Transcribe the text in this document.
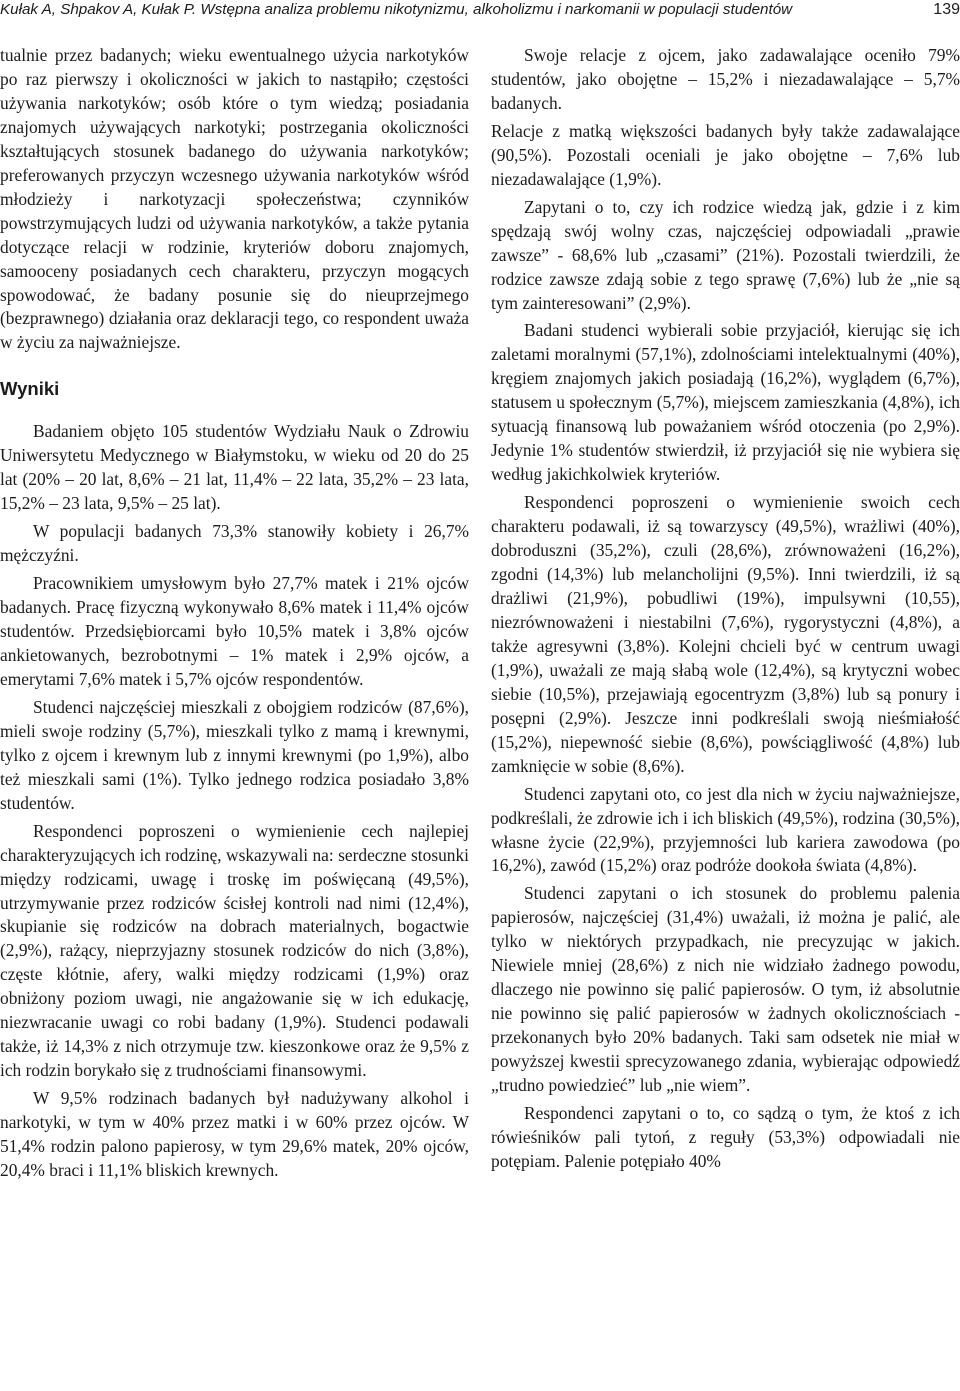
Kułak A, Shpakov A, Kułak P. Wstępna analiza problemu nikotynizmu, alkoholizmu i narkomanii w populacji studentów	139

tualnie przez badanych; wieku ewentualnego użycia narkotyków po raz pierwszy i okoliczności w jakich to nastąpiło; częstości używania narkotyków; osób które o tym wiedzą; posiadania znajomych używających narkotyki; postrzegania okoliczności kształtujących stosunek badanego do używania narkotyków; preferowanych przyczyn wczesnego używania narkotyków wśród młodzieży i narkotyzacji społeczeństwa; czynników powstrzymujących ludzi od używania narkotyków, a także pytania dotyczące relacji w rodzinie, kryteriów doboru znajomych, samooceny posiadanych cech charakteru, przyczyn mogących spowodować, że badany posunie się do nieuprzejmego (bezprawnego) działania oraz deklaracji tego, co respondent uważa w życiu za najważniejsze.

Wyniki

Badaniem objęto 105 studentów Wydziału Nauk o Zdrowiu Uniwersytetu Medycznego w Białymstoku, w wieku od 20 do 25 lat (20% – 20 lat, 8,6% – 21 lat, 11,4% – 22 lata, 35,2% – 23 lata, 15,2% – 23 lata, 9,5% – 25 lat).

W populacji badanych 73,3% stanowiły kobiety i 26,7% mężczyźni.

Pracownikiem umysłowym było 27,7% matek i 21% ojców badanych. Pracę fizyczną wykonywało 8,6% matek i 11,4% ojców studentów. Przedsiębiorcami było 10,5% matek i 3,8% ojców ankietowanych, bezrobotnymi – 1% matek i 2,9% ojców, a emerytami 7,6% matek i 5,7% ojców respondentów.

Studenci najczęściej mieszkali z obojgiem rodziców (87,6%), mieli swoje rodziny (5,7%), mieszkali tylko z mamą i krewnymi, tylko z ojcem i krewnym lub z innymi krewnymi (po 1,9%), albo też mieszkali sami (1%). Tylko jednego rodzica posiadało 3,8% studentów.

Respondenci poproszeni o wymienienie cech najlepiej charakteryzujących ich rodzinę, wskazywali na: serdeczne stosunki między rodzicami, uwagę i troskę im poświęcaną (49,5%), utrzymywanie przez rodziców ścisłej kontroli nad nimi (12,4%), skupianie się rodziców na dobrach materialnych, bogactwie (2,9%), rażący, nieprzyjazny stosunek rodziców do nich (3,8%), częste kłótnie, afery, walki między rodzicami (1,9%) oraz obniżony poziom uwagi, nie angażowanie się w ich edukację, niezwracanie uwagi co robi badany (1,9%). Studenci podawali także, iż 14,3% z nich otrzymuje tzw. kieszonkowe oraz że 9,5% z ich rodzin borykało się z trudnościami finansowymi.

W 9,5% rodzinach badanych był nadużywany alkohol i narkotyki, w tym w 40% przez matki i w 60% przez ojców. W 51,4% rodzin palono papierosy, w tym 29,6% matek, 20% ojców, 20,4% braci i 11,1% bliskich krewnych.

Swoje relacje z ojcem, jako zadawalające oceniło 79% studentów, jako obojętne – 15,2% i niezadawalające – 5,7% badanych.

Relacje z matką większości badanych były także zadawalające (90,5%). Pozostali oceniali je jako obojętne – 7,6% lub niezadawalające (1,9%).

Zapytani o to, czy ich rodzice wiedzą jak, gdzie i z kim spędzają swój wolny czas, najczęściej odpowiadali „prawie zawsze” - 68,6% lub „czasami” (21%). Pozostali twierdzili, że rodzice zawsze zdają sobie z tego sprawę (7,6%) lub że „nie są tym zainteresowani” (2,9%).

Badani studenci wybierali sobie przyjaciół, kierując się ich zaletami moralnymi (57,1%), zdolnościami intelektualnymi (40%), kręgiem znajomych jakich posiadają (16,2%), wyglądem (6,7%), statusem u społecznym (5,7%), miejscem zamieszkania (4,8%), ich sytuacją finansową lub poważaniem wśród otoczenia (po 2,9%). Jedynie 1% studentów stwierdził, iż przyjaciół się nie wybiera się według jakichkolwiek kryteriów.

Respondenci poproszeni o wymienienie swoich cech charakteru podawali, iż są towarzyscy (49,5%), wrażliwi (40%), dobroduszni (35,2%), czuli (28,6%), zrównoważeni (16,2%), zgodni (14,3%) lub melancholijni (9,5%). Inni twierdzili, iż są drażliwi (21,9%), pobudliwi (19%), impulsywni (10,55), niezrównoważeni i niestabilni (7,6%), rygorystyczni (4,8%), a także agresywni (3,8%). Kolejni chcieli być w centrum uwagi (1,9%), uważali ze mają słabą wole (12,4%), są krytyczni wobec siebie (10,5%), przejawiają egocentryzm (3,8%) lub są ponury i posępni (2,9%). Jeszcze inni podkreślali swoją nieśmiałość (15,2%), niepewność siebie (8,6%), powściągliwość (4,8%) lub zamknięcie w sobie (8,6%).

Studenci zapytani oto, co jest dla nich w życiu najważniejsze, podkreślali, że zdrowie ich i ich bliskich (49,5%), rodzina (30,5%), własne życie (22,9%), przyjemności lub kariera zawodowa (po 16,2%), zawód (15,2%) oraz podróże dookoła świata (4,8%).

Studenci zapytani o ich stosunek do problemu palenia papierosów, najczęściej (31,4%) uważali, iż można je palić, ale tylko w niektórych przypadkach, nie precyzując w jakich. Niewiele mniej (28,6%) z nich nie widziało żadnego powodu, dlaczego nie powinno się palić papierosów. O tym, iż absolutnie nie powinno się palić papierosów w żadnych okolicznościach - przekonanych było 20% badanych. Taki sam odsetek nie miał w powyższej kwestii sprecyzowanego zdania, wybierając odpowiedź „trudno powiedzieć” lub „nie wiem”.

Respondenci zapytani o to, co sądzą o tym, że ktoś z ich rówieśników pali tytoń, z reguły (53,3%) odpowiadali nie potępiam. Palenie potępiało 40%
